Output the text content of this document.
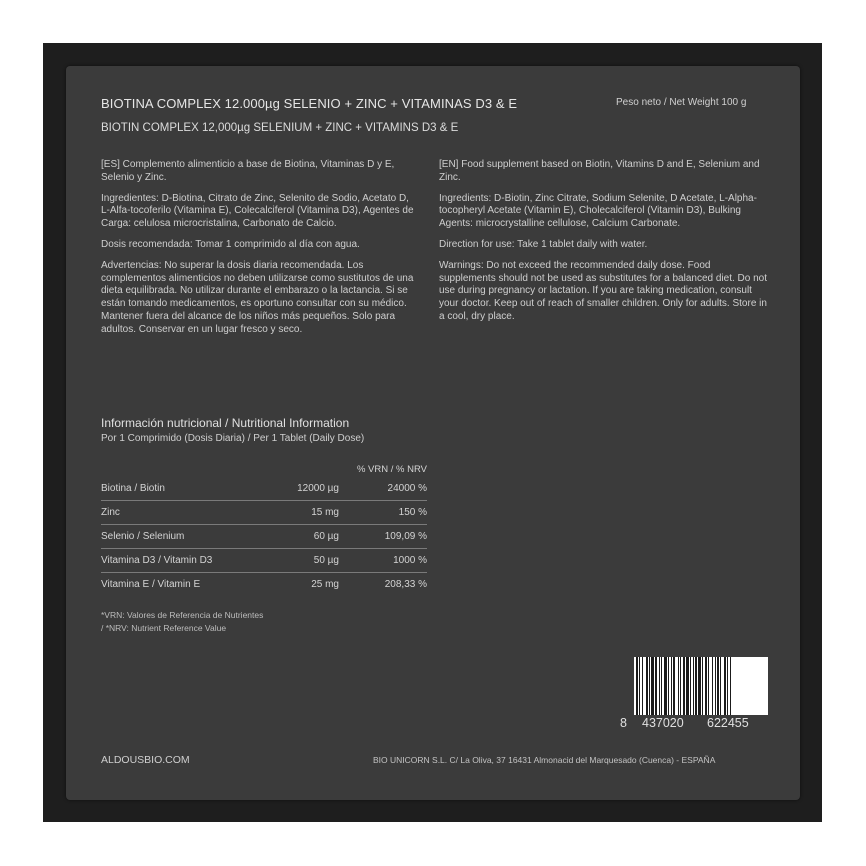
BIOTINA COMPLEX 12.000µg SELENIO + ZINC + VITAMINAS D3 & E
BIOTIN COMPLEX 12,000µg SELENIUM + ZINC + VITAMINS D3 & E
Peso neto / Net Weight 100 g

[ES] Complemento alimenticio a base de Biotina, Vitaminas D y E, Selenio y Zinc.

Ingredientes: D-Biotina, Citrato de Zinc, Selenito de Sodio, Acetato D, L-Alfa-tocoferilo (Vitamina E), Colecalciferol (Vitamina D3), Agentes de Carga: celulosa microcristalina, Carbonato de Calcio.

Dosis recomendada: Tomar 1 comprimido al día con agua.

Advertencias: No superar la dosis diaria recomendada. Los complementos alimenticios no deben utilizarse como sustitutos de una dieta equilibrada. No utilizar durante el embarazo o la lactancia. Si se están tomando medicamentos, es oportuno consultar con su médico. Mantener fuera del alcance de los niños más pequeños. Solo para adultos. Conservar en un lugar fresco y seco.

[EN] Food supplement based on Biotin, Vitamins D and E, Selenium and Zinc.

Ingredients: D-Biotin, Zinc Citrate, Sodium Selenite, D Acetate, L-Alpha-tocopheryl Acetate (Vitamin E), Cholecalciferol (Vitamin D3), Bulking Agents: microcrystalline cellulose, Calcium Carbonate.

Direction for use: Take 1 tablet daily with water.

Warnings: Do not exceed the recommended daily dose. Food supplements should not be used as substitutes for a balanced diet. Do not use during pregnancy or lactation. If you are taking medication, consult your doctor. Keep out of reach of smaller children. Only for adults. Store in a cool, dry place.

Información nutricional / Nutritional Information
Por 1 Comprimido (Dosis Diaria) / Per 1 Tablet (Daily Dose)
		% VRN / % NRV
Biotina / Biotin	12000 µg	24000 %
Zinc	15 mg	150 %
Selenio / Selenium	60 µg	109,09 %
Vitamina D3 / Vitamin D3	50 µg	1000 %
Vitamina E / Vitamin E	25 mg	208,33 %
*VRN: Valores de Referencia de Nutrientes
/ *NRV: Nutrient Reference Value
8 437020 622455
ALDOUSBIO.COM	BIO UNICORN S.L. C/ La Oliva, 37 16431 Almonacid del Marquesado (Cuenca) - ESPAÑA
